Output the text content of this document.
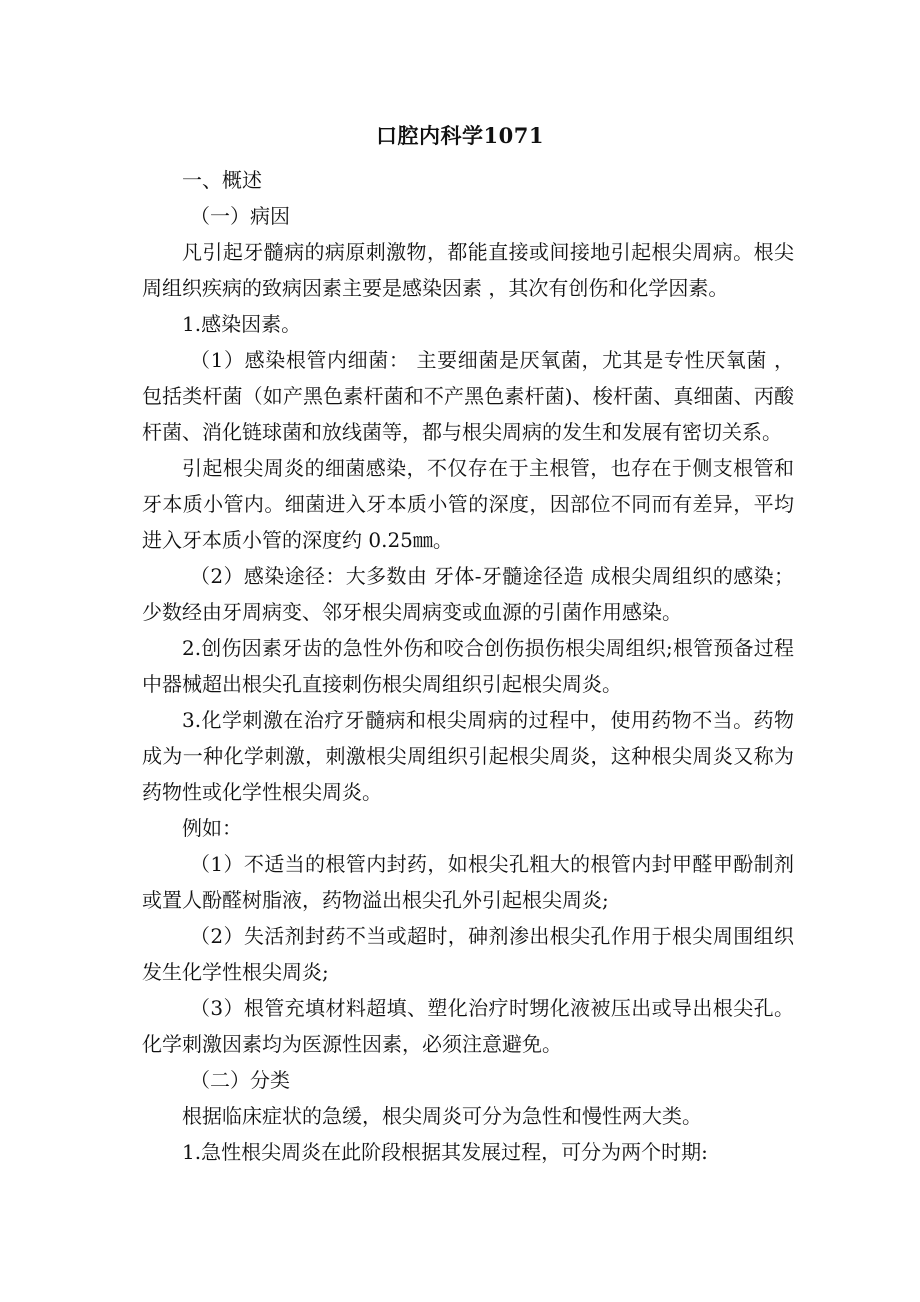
口腔内科学1071

一、概述

（一）病因

凡引起牙髓病的病原刺激物，都能直接或间接地引起根尖周病。根尖周组织疾病的致病因素主要是感染因素 ，其次有创伤和化学因素。

1.感染因素。

（1）感染根管内细菌： 主要细菌是厌氧菌，尤其是专性厌氧菌 ，包括类杆菌（如产黑色素杆菌和不产黑色素杆菌)、梭杆菌、真细菌、丙酸杆菌、消化链球菌和放线菌等，都与根尖周病的发生和发展有密切关系。

引起根尖周炎的细菌感染，不仅存在于主根管，也存在于侧支根管和牙本质小管内。细菌进入牙本质小管的深度，因部位不同而有差异，平均进入牙本质小管的深度约 0.25㎜。

（2）感染途径：大多数由 牙体-牙髓途径造 成根尖周组织的感染；少数经由牙周病变、邻牙根尖周病变或血源的引菌作用感染。

2.创伤因素牙齿的急性外伤和咬合创伤损伤根尖周组织;根管预备过程中器械超出根尖孔直接刺伤根尖周组织引起根尖周炎。

3.化学刺激在治疗牙髓病和根尖周病的过程中，使用药物不当。药物成为一种化学刺激，刺激根尖周组织引起根尖周炎，这种根尖周炎又称为药物性或化学性根尖周炎。

例如：

（1）不适当的根管内封药，如根尖孔粗大的根管内封甲醛甲酚制剂或置人酚醛树脂液，药物溢出根尖孔外引起根尖周炎;

（2）失活剂封药不当或超时，砷剂渗出根尖孔作用于根尖周围组织发生化学性根尖周炎;

（3）根管充填材料超填、塑化治疗时甥化液被压出或导出根尖孔。化学刺激因素均为医源性因素，必须注意避免。

（二）分类

根据临床症状的急缓，根尖周炎可分为急性和慢性两大类。

1.急性根尖周炎在此阶段根据其发展过程，可分为两个时期:
